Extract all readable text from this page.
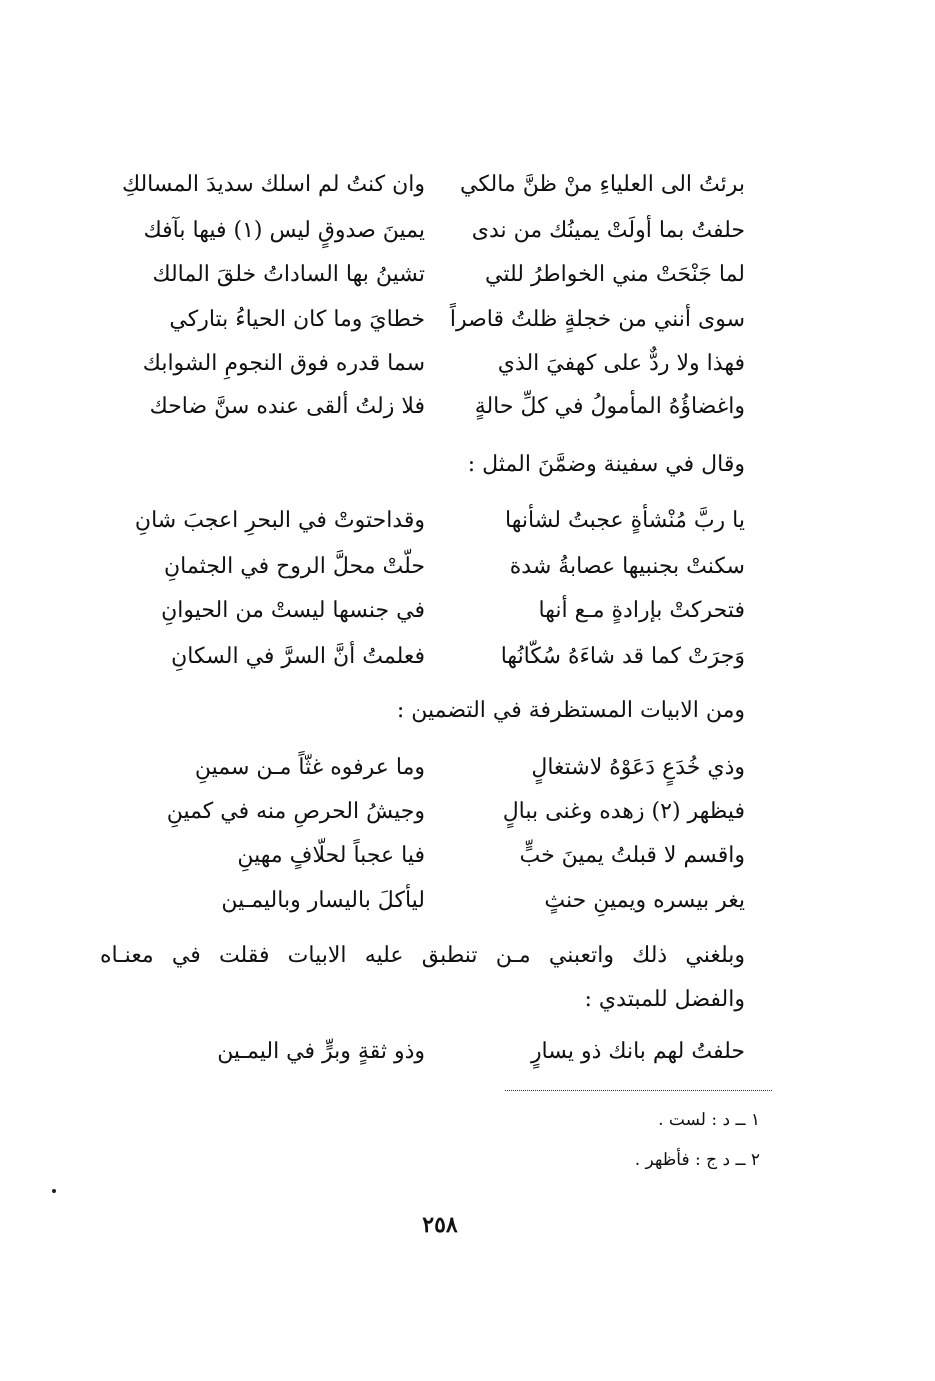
برئتُ الى العلياءِ منْ ظنَّ مالكي
وان كنتُ لم اسلك سديدَ المسالكِ
حلفتُ بما أولَتْ يمينُك من ندى
يمينَ صدوقٍ ليس (١) فيها بآفك
لما جَنْحَتْ مني الخواطرُ للتي
تشينُ بها الساداتُ خلقَ المالك
سوى أنني من خجلةٍ ظلتُ قاصراً
خطايَ وما كان الحياءُ بتاركي
فهذا ولا ردٌّ على كهفيَ الذي
سما قدره فوق النجومِ الشوابك
واغضاؤُهُ المأمولُ في كلِّ حالةٍ
فلا زلتُ ألقى عنده سنَّ ضاحك
وقال في سفينة وضمَّنَ المثل :
يا ربَّ مُنْشأةٍ عجبتُ لشأنها
وقداحتوتْ في البحرِ اعجبَ شانِ
سكنتْ بجنبيها عصابةُ شدة
حلّتْ محلَّ الروح في الجثمانِ
فتحركتْ بإرادةٍ مـع أنها
في جنسها ليستْ من الحيوانِ
وَجرَتْ كما قد شاءَهُ سُكّانُها
فعلمتُ أنَّ السرَّ في السكانِ
ومن الابيات المستظرفة في التضمين :
وذي خُدَعٍ دَعَوْهُ لاشتغالٍ
وما عرفوه غثّاً مـن سمينِ
فيظهر (٢) زهده وغنى ببالٍ
وجيشُ الحرصِ منه في كمينِ
واقسم لا قبلتُ يمينَ خبٍّ
فيا عجباً لحلّافٍ مهينِ
يغر بيسره ويمينِ حنثٍ
ليأكلَ باليسار وباليمـين
وبلغني ذلك واتعبني مـن تنطبق عليه الابيات فقلت في معنـاه
والفضل للمبتدي :
حلفتُ لهم بانك ذو يسارٍ
وذو ثقةٍ وبرٍّ في اليمـين
١ ــ د : لست .
٢ ــ د ج : فأظهر .
٢٥٨
